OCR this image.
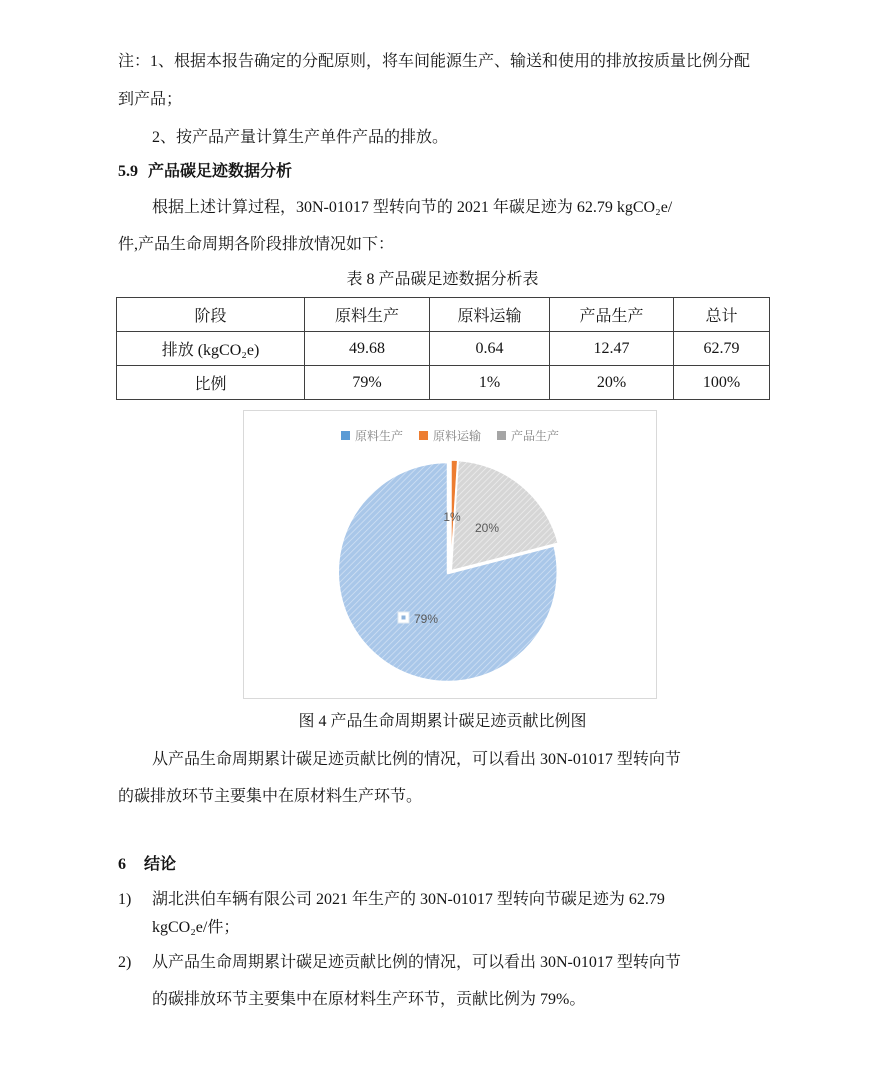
注：1、根据本报告确定的分配原则，将车间能源生产、输送和使用的排放按质量比例分配
到产品；
2、按产品产量计算生产单件产品的排放。
5.9 产品碳足迹数据分析
根据上述计算过程，30N-01017 型转向节的 2021 年碳足迹为 62.79 kgCO₂e/
件,产品生命周期各阶段排放情况如下：
表 8 产品碳足迹数据分析表
阶段	原料生产	原料运输	产品生产	总计
排放 (kgCO₂e)	49.68	0.64	12.47	62.79
比例	79%	1%	20%	100%
原料生产	原料运输	产品生产
1%
20%
79%
图 4 产品生命周期累计碳足迹贡献比例图
从产品生命周期累计碳足迹贡献比例的情况，可以看出 30N-01017 型转向节
的碳排放环节主要集中在原材料生产环节。
6 结论
1) 湖北洪伯车辆有限公司 2021 年生产的 30N-01017 型转向节碳足迹为 62.79
kgCO₂e/件；
2) 从产品生命周期累计碳足迹贡献比例的情况，可以看出 30N-01017 型转向节
的碳排放环节主要集中在原材料生产环节，贡献比例为 79%。
